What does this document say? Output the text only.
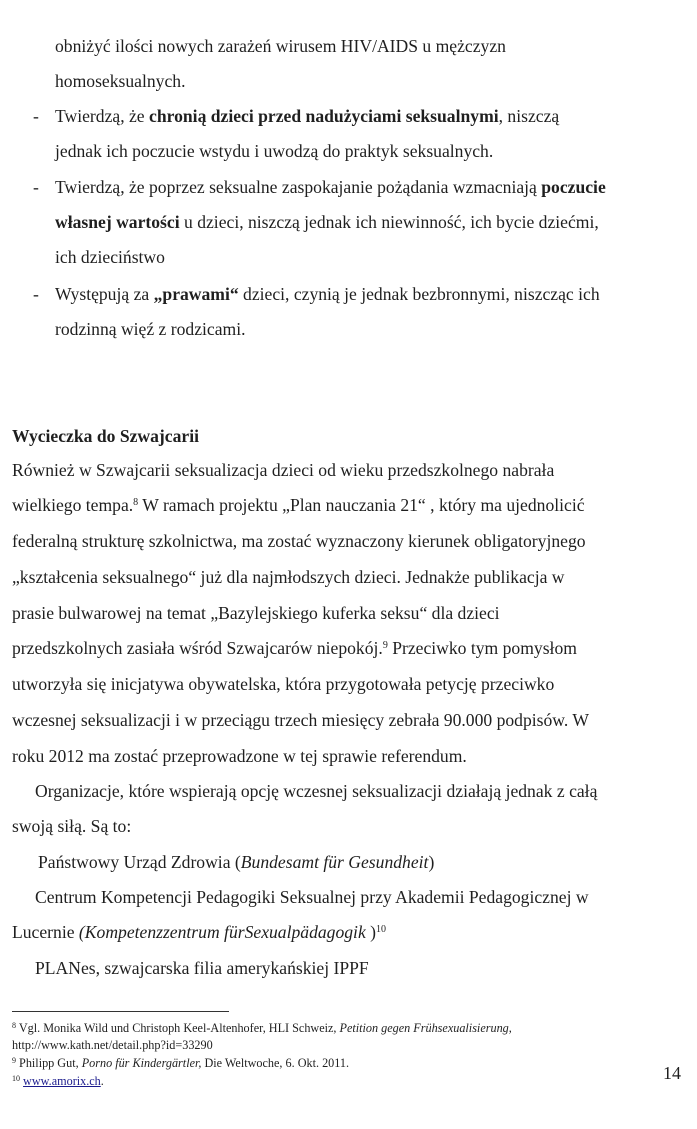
obniżyć ilości nowych zarażeń wirusem HIV/AIDS u mężczyzn
homoseksualnych.
- Twierdzą, że chronią dzieci przed nadużyciami seksualnymi, niszczą
jednak ich poczucie wstydu i uwodzą do praktyk seksualnych.
- Twierdzą, że poprzez seksualne zaspokajanie pożądania wzmacniają poczucie
własnej wartości u dzieci, niszczą jednak ich niewinność, ich bycie dziećmi,
ich dzieciństwo
- Występują za „prawami“ dzieci, czynią je jednak bezbronnymi, niszcząc ich
rodzinną więź z rodzicami.
Wycieczka do Szwajcarii
Również w Szwajcarii seksualizacja dzieci od wieku przedszkolnego nabrała
wielkiego tempa.$^8$ W ramach projektu „Plan nauczania 21“ , który ma ujednolicić
federalną strukturę szkolnictwa, ma zostać wyznaczony kierunek obligatoryjnego
„kształcenia seksualnego“ już dla najmłodszych dzieci. Jednakże publikacja w
prasie bulwarowej na temat „Bazylejskiego kuferka seksu“ dla dzieci
przedszkolnych zasiała wśród Szwajcarów niepokój.$^9$ Przeciwko tym pomysłom
utworzyła się inicjatywa obywatelska, która przygotowała petycję przeciwko
wczesnej seksualizacji i w przeciągu trzech miesięcy zebrała 90.000 podpisów. W
roku 2012 ma zostać przeprowadzone w tej sprawie referendum.
Organizacje, które wspierają opcję wczesnej seksualizacji działają jednak z całą
swoją siłą. Są to:
Państwowy Urząd Zdrowia (Bundesamt für Gesundheit)
Centrum Kompetencji Pedagogiki Seksualnej przy Akademii Pedagogicznej w
Lucernie (Kompetenzzentrum fürSexualpädagogik )$^{10}$
PLANes, szwajcarska filia amerykańskiej IPPF
$^8$ Vgl. Monika Wild und Christoph Keel-Altenhofer, HLI Schweiz, Petition gegen Frühsexualisierung,
http://www.kath.net/detail.php?id=33290
$^9$ Philipp Gut, Porno für Kindergärtler, Die Weltwoche, 6. Okt. 2011.
$^{10}$ www.amorix.ch.	14
